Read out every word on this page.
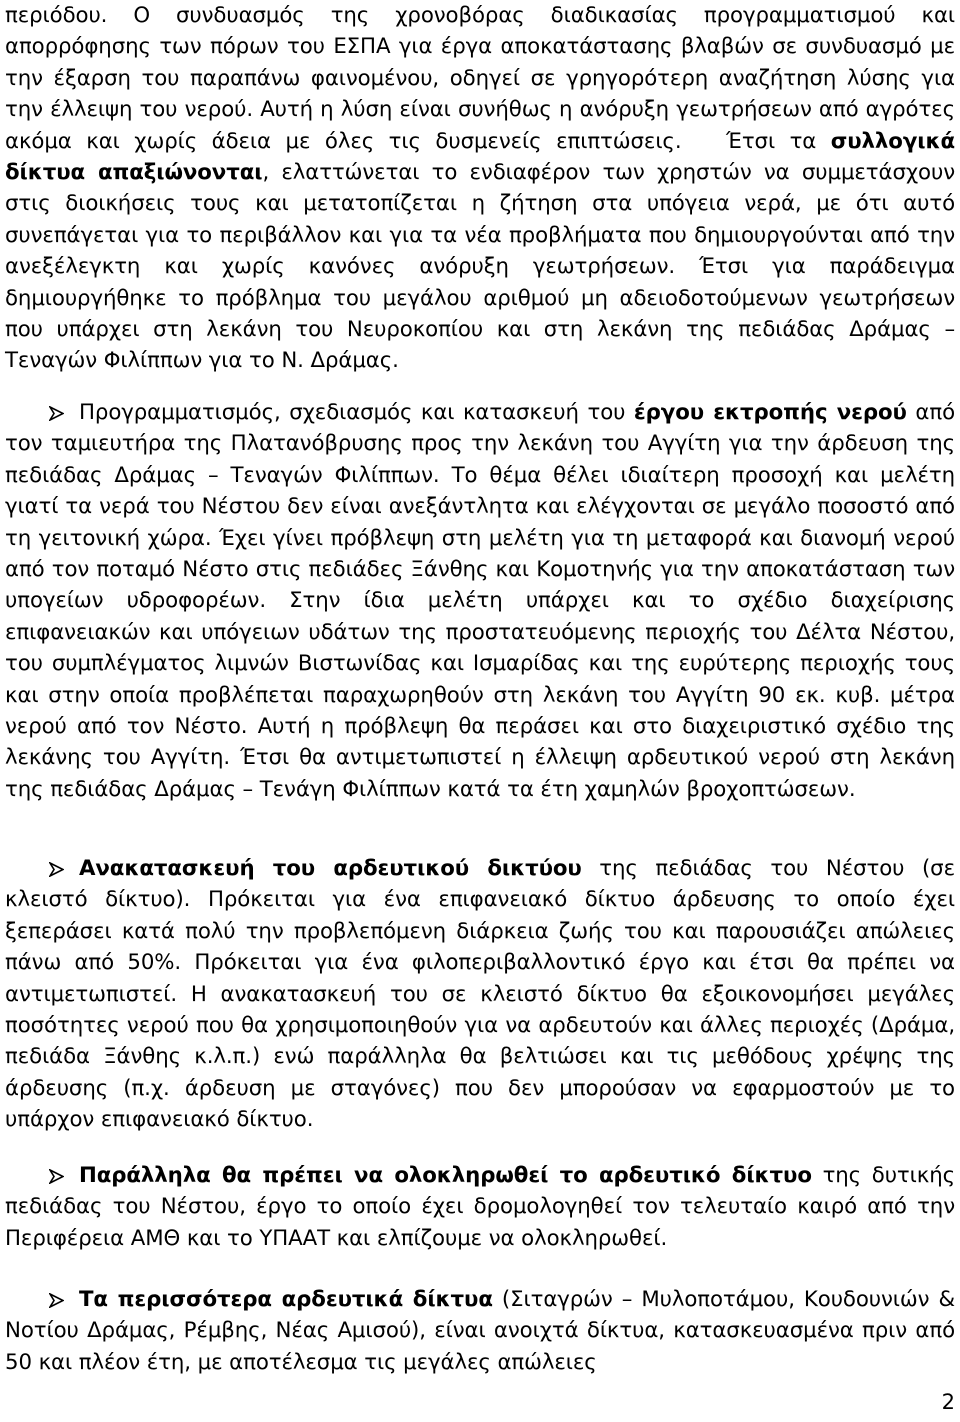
περιόδου. Ο συνδυασμός της χρονοβόρας διαδικασίας προγραμματισμού και απορρόφησης των πόρων του ΕΣΠΑ για έργα αποκατάστασης βλαβών σε συνδυασμό με την έξαρση του παραπάνω φαινομένου, οδηγεί σε γρηγορότερη αναζήτηση λύσης για την έλλειψη του νερού. Αυτή η λύση είναι συνήθως η ανόρυξη γεωτρήσεων από αγρότες ακόμα και χωρίς άδεια με όλες τις δυσμενείς επιπτώσεις. Έτσι τα συλλογικά δίκτυα απαξιώνονται, ελαττώνεται το ενδιαφέρον των χρηστών να συμμετάσχουν στις διοικήσεις τους και μετατοπίζεται η ζήτηση στα υπόγεια νερά, με ότι αυτό συνεπάγεται για το περιβάλλον και για τα νέα προβλήματα που δημιουργούνται από την ανεξέλεγκτη και χωρίς κανόνες ανόρυξη γεωτρήσεων. Έτσι για παράδειγμα δημιουργήθηκε το πρόβλημα του μεγάλου αριθμού μη αδειοδοτούμενων γεωτρήσεων που υπάρχει στη λεκάνη του Νευροκοπίου και στη λεκάνη της πεδιάδας Δράμας – Τεναγών Φιλίππων για το Ν. Δράμας.

Προγραμματισμός, σχεδιασμός και κατασκευή του έργου εκτροπής νερού από τον ταμιευτήρα της Πλατανόβρυσης προς την λεκάνη του Αγγίτη για την άρδευση της πεδιάδας Δράμας – Τεναγών Φιλίππων. Το θέμα θέλει ιδιαίτερη προσοχή και μελέτη γιατί τα νερά του Νέστου δεν είναι ανεξάντλητα και ελέγχονται σε μεγάλο ποσοστό από τη γειτονική χώρα. Έχει γίνει πρόβλεψη στη μελέτη για τη μεταφορά και διανομή νερού από τον ποταμό Νέστο στις πεδιάδες Ξάνθης και Κομοτηνής για την αποκατάσταση των υπογείων υδροφορέων. Στην ίδια μελέτη υπάρχει και το σχέδιο διαχείρισης επιφανειακών και υπόγειων υδάτων της προστατευόμενης περιοχής του Δέλτα Νέστου, του συμπλέγματος λιμνών Βιστωνίδας και Ισμαρίδας και της ευρύτερης περιοχής τους και στην οποία προβλέπεται παραχωρηθούν στη λεκάνη του Αγγίτη 90 εκ. κυβ. μέτρα νερού από τον Νέστο. Αυτή η πρόβλεψη θα περάσει και στο διαχειριστικό σχέδιο της λεκάνης του Αγγίτη. Έτσι θα αντιμετωπιστεί η έλλειψη αρδευτικού νερού στη λεκάνη της πεδιάδας Δράμας – Τενάγη Φιλίππων κατά τα έτη χαμηλών βροχοπτώσεων.

Ανακατασκευή του αρδευτικού δικτύου της πεδιάδας του Νέστου (σε κλειστό δίκτυο). Πρόκειται για ένα επιφανειακό δίκτυο άρδευσης το οποίο έχει ξεπεράσει κατά πολύ την προβλεπόμενη διάρκεια ζωής του και παρουσιάζει απώλειες πάνω από 50%. Πρόκειται για ένα φιλοπεριβαλλοντικό έργο και έτσι θα πρέπει να αντιμετωπιστεί. Η ανακατασκευή του σε κλειστό δίκτυο θα εξοικονομήσει μεγάλες ποσότητες νερού που θα χρησιμοποιηθούν για να αρδευτούν και άλλες περιοχές (Δράμα, πεδιάδα Ξάνθης κ.λ.π.) ενώ παράλληλα θα βελτιώσει και τις μεθόδους χρέψης της άρδευσης (π.χ. άρδευση με σταγόνες) που δεν μπορούσαν να εφαρμοστούν με το υπάρχον επιφανειακό δίκτυο.

Παράλληλα θα πρέπει να ολοκληρωθεί το αρδευτικό δίκτυο της δυτικής πεδιάδας του Νέστου, έργο το οποίο έχει δρομολογηθεί τον τελευταίο καιρό από την Περιφέρεια ΑΜΘ και το ΥΠΑΑΤ και ελπίζουμε να ολοκληρωθεί.

Τα περισσότερα αρδευτικά δίκτυα (Σιταγρών – Μυλοποτάμου, Κουδουνιών & Νοτίου Δράμας, Ρέμβης, Νέας Αμισού), είναι ανοιχτά δίκτυα, κατασκευασμένα πριν από 50 και πλέον έτη, με αποτέλεσμα τις μεγάλες απώλειες

2
